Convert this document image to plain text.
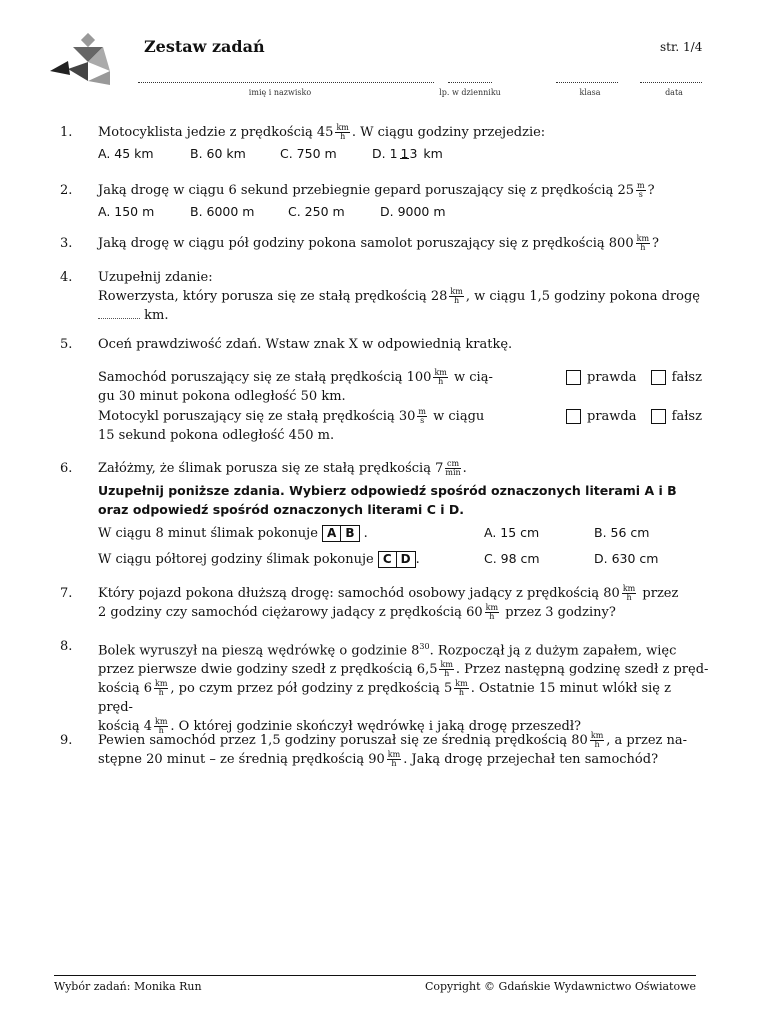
Zestaw zadań	str. 1/4
imię i nazwisko	lp. w dzienniku	klasa	data
1. Motocyklista jedzie z prędkością $45 \frac{km}{h}$ . W ciągu godziny przejedzie:
A. 45 km	B. 60 km	C. 750 m	D. 1 13 km
2. Jaką drogę w ciągu 6 sekund przebiegnie gepard poruszający się z prędkością $25 \frac{m}{s}$ ?
A. 150 m	B. 6000 m	C. 250 m	D. 9000 m
3. Jaką drogę w ciągu pół godziny pokona samolot poruszający się z prędkością $800 \frac{km}{h}$ ?
4. Uzupełnij zdanie:
Rowerzysta, który porusza się ze stałą prędkością $28 \frac{km}{h}$ , w ciągu 1,5 godziny pokona drogę
km.
5. Oceń prawdziwość zdań. Wstaw znak X w odpowiednią kratkę.
Samochód poruszający się ze stałą prędkością $100 \frac{km}{h}$ w cią-
gu 30 minut pokona odległość 50 km.
prawda	fałsz
Motocykl poruszający się ze stałą prędkością $30 \frac{m}{s}$ w ciągu
15 sekund pokona odległość 450 m.
prawda	fałsz
6. Załóżmy, że ślimak porusza się ze stałą prędkością $7 \frac{cm}{\min}$ .
Uzupełnij poniższe zdania. Wybierz odpowiedź spośród oznaczonych literami A i B oraz odpowiedź spośród oznaczonych literami C i D.
W ciągu 8 minut ślimak pokonuje A B .
W ciągu półtorej godziny ślimak pokonuje C D .
A. 15 cm	B. 56 cm
C. 98 cm	D. 630 cm
7. Który pojazd pokona dłuższą drogę: samochód osobowy jadący z prędkością $80 \frac{km}{h}$ przez
2 godziny czy samochód ciężarowy jadący z prędkością $60 \frac{km}{h}$ przez 3 godziny?
8. Bolek wyruszył na pieszą wędrówkę o godzinie $8^{30}$. Rozpoczął ją z dużym zapałem, więc
przez pierwsze dwie godziny szedł z prędkością $6,5 \frac{km}{h}$ . Przez następną godzinę szedł z pręd-
kością $6 \frac{km}{h}$ , po czym przez pół godziny z prędkością $5 \frac{km}{h}$ . Ostatnie 15 minut wlókł się z pręd-
kością $4 \frac{km}{h}$ . O której godzinie skończył wędrówkę i jaką drogę przeszedł?
9. Pewien samochód przez 1,5 godziny poruszał się ze średnią prędkością $80 \frac{km}{h}$ , a przez na-
stępne 20 minut – ze średnią prędkością $90 \frac{km}{h}$ . Jaką drogę przejechał ten samochód?
Wybór zadań: Monika Run	Copyright © Gdańskie Wydawnictwo Oświatowe
